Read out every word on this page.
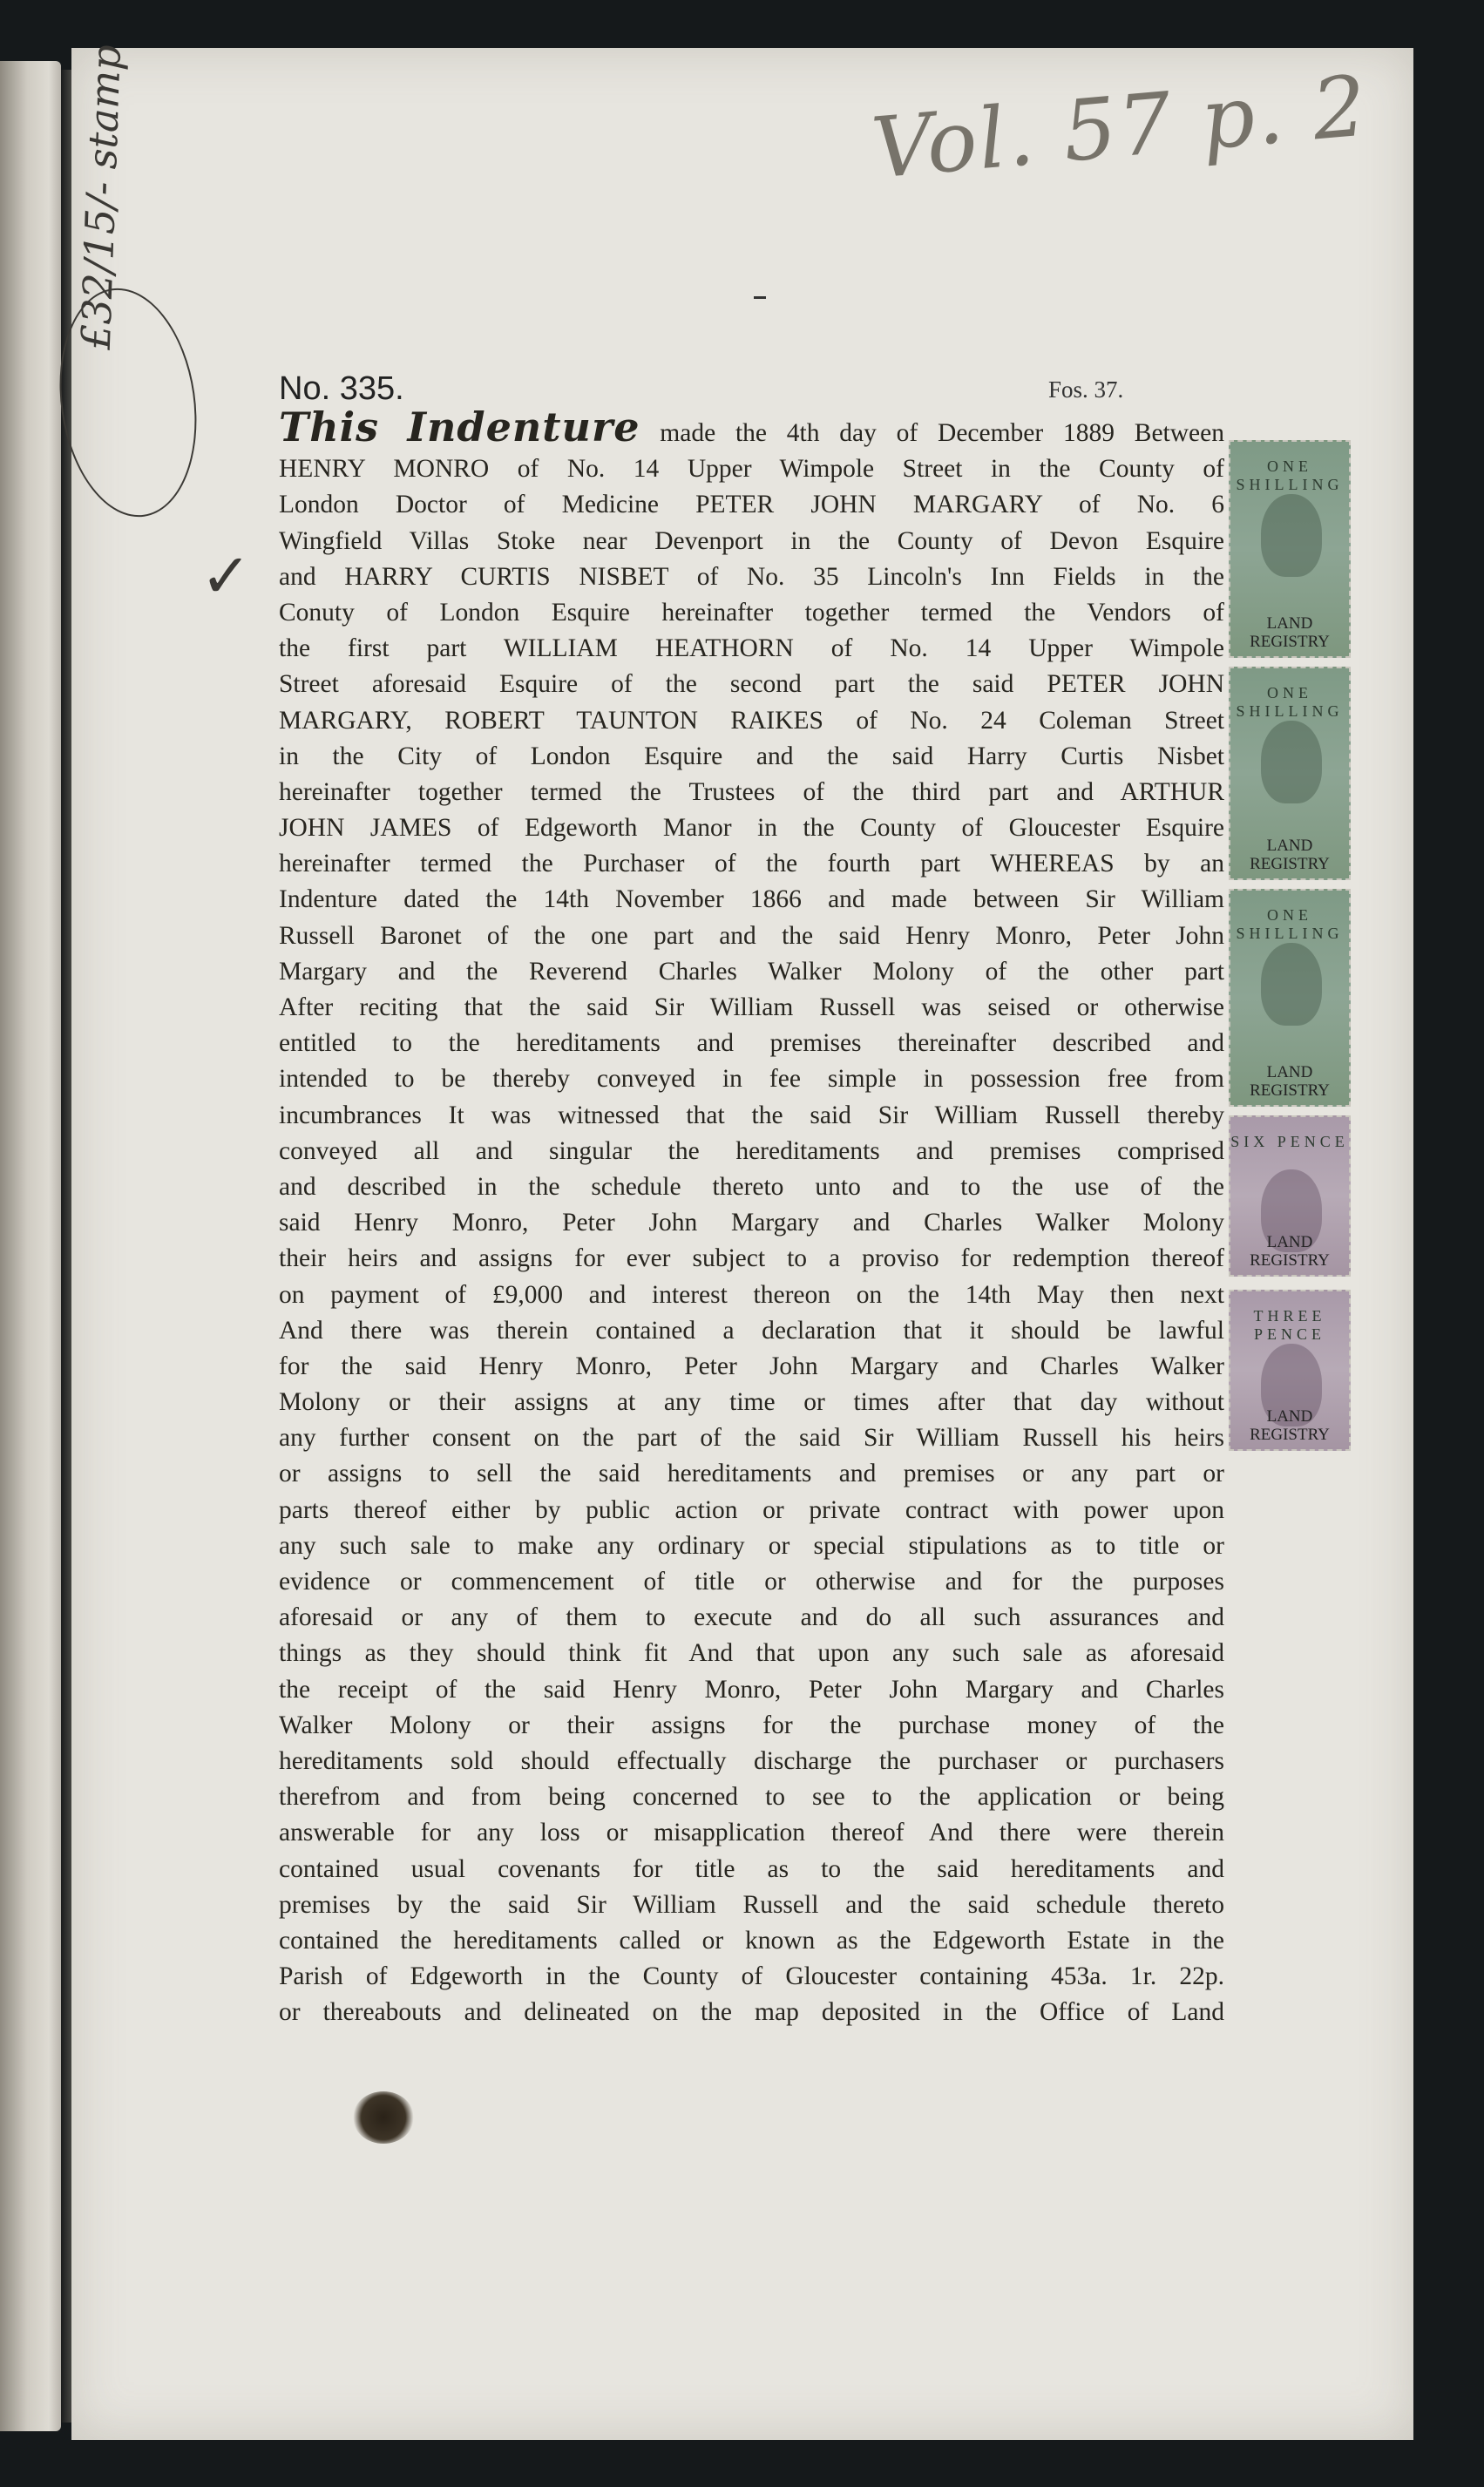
Vol. 57 p. 2
£32/15/- stamp
✓
No. 335.	Fos. 37.
This Indenture made the 4th day of December 1889 Between
HENRY MONRO of No. 14 Upper Wimpole Street in the County of
London Doctor of Medicine PETER JOHN MARGARY of No. 6
Wingfield Villas Stoke near Devenport in the County of Devon Esquire
and HARRY CURTIS NISBET of No. 35 Lincoln's Inn Fields in the
Conuty of London Esquire hereinafter together termed the Vendors of
the first part WILLIAM HEATHORN of No. 14 Upper Wimpole
Street aforesaid Esquire of the second part the said PETER JOHN
MARGARY, ROBERT TAUNTON RAIKES of No. 24 Coleman Street
in the City of London Esquire and the said Harry Curtis Nisbet
hereinafter together termed the Trustees of the third part and ARTHUR
JOHN JAMES of Edgeworth Manor in the County of Gloucester Esquire
hereinafter termed the Purchaser of the fourth part WHEREAS by an
Indenture dated the 14th November 1866 and made between Sir William
Russell Baronet of the one part and the said Henry Monro, Peter John
Margary and the Reverend Charles Walker Molony of the other part
After reciting that the said Sir William Russell was seised or otherwise
entitled to the hereditaments and premises thereinafter described and
intended to be thereby conveyed in fee simple in possession free from
incumbrances It was witnessed that the said Sir William Russell thereby
conveyed all and singular the hereditaments and premises comprised
and described in the schedule thereto unto and to the use of the
said Henry Monro, Peter John Margary and Charles Walker Molony
their heirs and assigns for ever subject to a proviso for redemption thereof
on payment of £9,000 and interest thereon on the 14th May then next
And there was therein contained a declaration that it should be lawful
for the said Henry Monro, Peter John Margary and Charles Walker
Molony or their assigns at any time or times after that day without
any further consent on the part of the said Sir William Russell his heirs
or assigns to sell the said hereditaments and premises or any part or
parts thereof either by public action or private contract with power upon
any such sale to make any ordinary or special stipulations as to title or
evidence or commencement of title or otherwise and for the purposes
aforesaid or any of them to execute and do all such assurances and
things as they should think fit And that upon any such sale as aforesaid
the receipt of the said Henry Monro, Peter John Margary and Charles
Walker Molony or their assigns for the purchase money of the
hereditaments sold should effectually discharge the purchaser or purchasers
therefrom and from being concerned to see to the application or being
answerable for any loss or misapplication thereof And there were therein
contained usual covenants for title as to the said hereditaments and
premises by the said Sir William Russell and the said schedule thereto
contained the hereditaments called or known as the Edgeworth Estate in the
Parish of Edgeworth in the County of Gloucester containing 453a. 1r. 22p.
or thereabouts and delineated on the map deposited in the Office of Land
ONE SHILLING
LAND
REGISTRY
ONE SHILLING
LAND
REGISTRY
ONE SHILLING
LAND
REGISTRY
SIX PENCE
LAND
REGISTRY
THREE PENCE
LAND
REGISTRY
